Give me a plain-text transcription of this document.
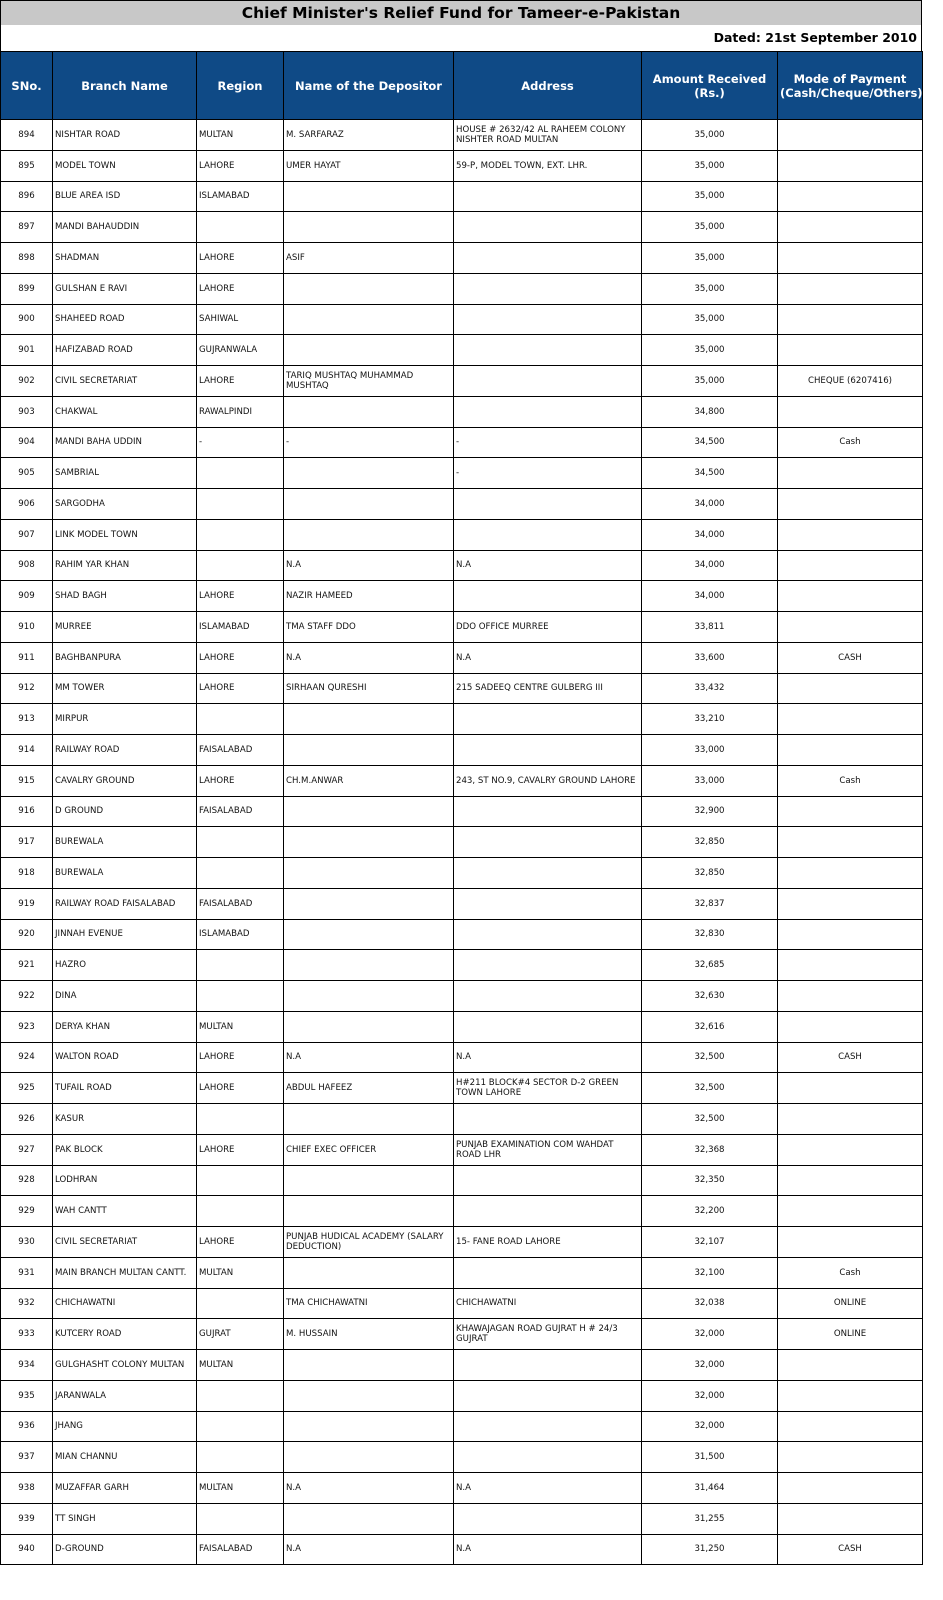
Chief Minister's Relief Fund for Tameer-e-Pakistan
Dated: 21st September 2010
SNo.	Branch Name	Region	Name of the Depositor	Address	Amount Received (Rs.)	Mode of Payment (Cash/Cheque/Others)
894	NISHTAR ROAD	MULTAN	M. SARFARAZ	HOUSE # 2632/42 AL RAHEEM COLONY NISHTER ROAD MULTAN	35,000	
895	MODEL TOWN	LAHORE	UMER HAYAT	59-P, MODEL TOWN, EXT. LHR.	35,000	
896	BLUE AREA ISD	ISLAMABAD			35,000	
897	MANDI BAHAUDDIN				35,000	
898	SHADMAN	LAHORE	ASIF		35,000	
899	GULSHAN E RAVI	LAHORE			35,000	
900	SHAHEED ROAD	SAHIWAL			35,000	
901	HAFIZABAD ROAD	GUJRANWALA			35,000	
902	CIVIL SECRETARIAT	LAHORE	TARIQ MUSHTAQ MUHAMMAD MUSHTAQ		35,000	CHEQUE (6207416)
903	CHAKWAL	RAWALPINDI			34,800	
904	MANDI BAHA UDDIN	-	-	-	34,500	Cash
905	SAMBRIAL			-	34,500	
906	SARGODHA				34,000	
907	LINK MODEL TOWN				34,000	
908	RAHIM YAR KHAN		N.A	N.A	34,000	
909	SHAD BAGH	LAHORE	NAZIR HAMEED		34,000	
910	MURREE	ISLAMABAD	TMA STAFF DDO	DDO OFFICE MURREE	33,811	
911	BAGHBANPURA	LAHORE	N.A	N.A	33,600	CASH
912	MM TOWER	LAHORE	SIRHAAN QURESHI	215 SADEEQ CENTRE GULBERG III	33,432	
913	MIRPUR				33,210	
914	RAILWAY ROAD	FAISALABAD			33,000	
915	CAVALRY GROUND	LAHORE	CH.M.ANWAR	243, ST NO.9, CAVALRY GROUND LAHORE	33,000	Cash
916	D GROUND	FAISALABAD			32,900	
917	BUREWALA				32,850	
918	BUREWALA				32,850	
919	RAILWAY ROAD FAISALABAD	FAISALABAD			32,837	
920	JINNAH EVENUE	ISLAMABAD			32,830	
921	HAZRO				32,685	
922	DINA				32,630	
923	DERYA KHAN	MULTAN			32,616	
924	WALTON ROAD	LAHORE	N.A	N.A	32,500	CASH
925	TUFAIL ROAD	LAHORE	ABDUL HAFEEZ	H#211 BLOCK#4 SECTOR D-2 GREEN TOWN LAHORE	32,500	
926	KASUR				32,500	
927	PAK BLOCK	LAHORE	CHIEF EXEC OFFICER	PUNJAB EXAMINATION COM WAHDAT ROAD LHR	32,368	
928	LODHRAN				32,350	
929	WAH CANTT				32,200	
930	CIVIL SECRETARIAT	LAHORE	PUNJAB HUDICAL ACADEMY (SALARY DEDUCTION)	15- FANE ROAD LAHORE	32,107	
931	MAIN BRANCH MULTAN CANTT.	MULTAN			32,100	Cash
932	CHICHAWATNI		TMA CHICHAWATNI	CHICHAWATNI	32,038	ONLINE
933	KUTCERY ROAD	GUJRAT	M. HUSSAIN	KHAWAJAGAN ROAD GUJRAT H # 24/3 GUJRAT	32,000	ONLINE
934	GULGHASHT COLONY MULTAN	MULTAN			32,000	
935	JARANWALA				32,000	
936	JHANG				32,000	
937	MIAN CHANNU				31,500	
938	MUZAFFAR GARH	MULTAN	N.A	N.A	31,464	
939	TT SINGH				31,255	
940	D-GROUND	FAISALABAD	N.A	N.A	31,250	CASH
